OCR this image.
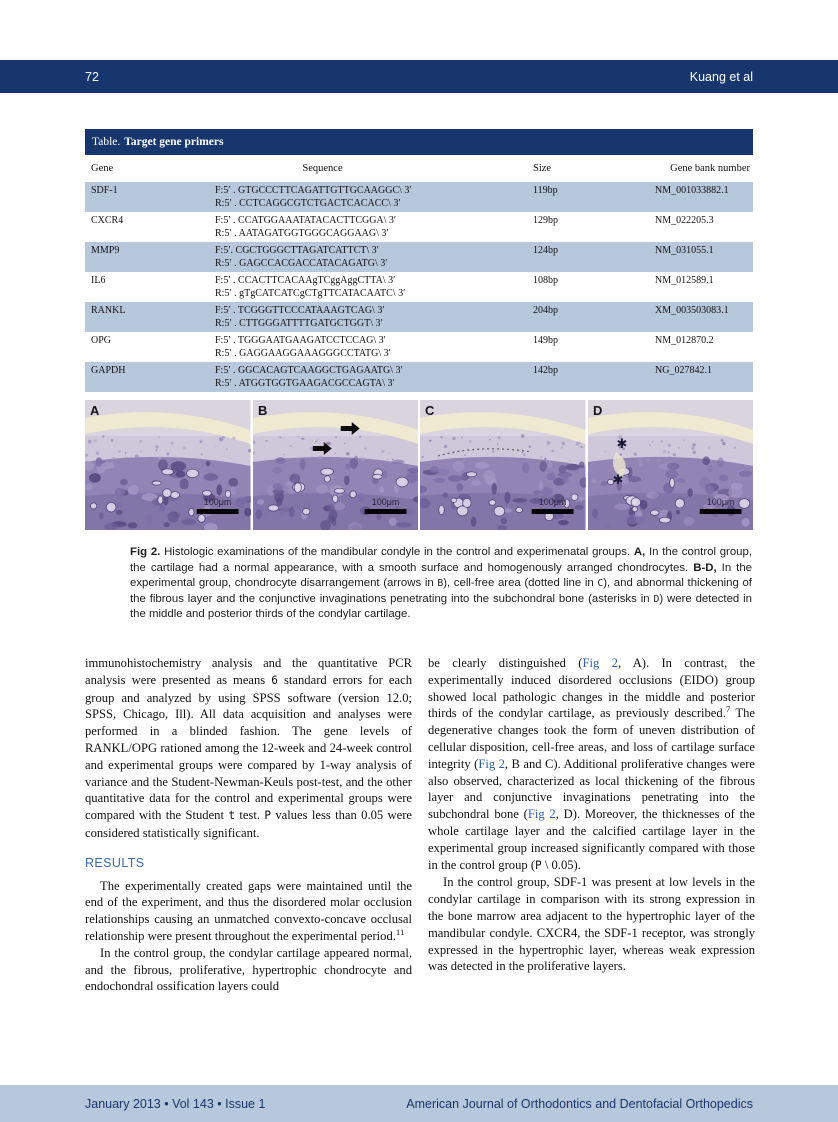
72	Kuang et al
Table. Target gene primers
Gene	Sequence	Size	Gene bank number
SDF-1	F:5′ . GTGCCCTTCAGATTGTTGCAAGGC\ 3′
R:5′ . CCTCAGGCGTCTGACTCACACC\ 3′
119bp	NM_001033882.1
CXCR4	F:5′ . CCATGGAAATATACACTTCGGA\ 3′
R:5′ . AATAGATGGTGGGCAGGAAG\ 3′
129bp	NM_022205.3
MMP9	F:5′. CGCTGGGCTTAGATCATTCT\ 3′
R:5′ . GAGCCACGACCATACAGATG\ 3′
124bp	NM_031055.1
IL6	F:5′ . CCACTTCACAAgTCggAggCTTA\ 3′
R:5′ . gTgCATCATCgCTgTTCATACAATC\ 3′
108bp	NM_012589.1
RANKL	F:5′ . TCGGGTTCCCATAAAGTCAG\ 3′
R:5′ . CTTGGGATTTTGATGCTGGT\ 3′
204bp	XM_003503083.1
OPG	F:5′ . TGGGAATGAAGATCCTCCAG\ 3′
R:5′ . GAGGAAGGAAAGGGCCTATG\ 3′
149bp	NM_012870.2
GAPDH	F:5′ . GGCACAGTCAAGGCTGAGAATG\ 3′
R:5′ . ATGGTGGTGAAGACGCCAGTA\ 3′
142bp	NG_027842.1
100μm
A
100μm
B
100μm
C
✱
✱
100μm
D
Fig 2. Histologic examinations of the mandibular condyle in the control and experimenatal groups. A, In the control group, the cartilage had a normal appearance, with a smooth surface and homogenously arranged chondrocytes. B-D, In the experimental group, chondrocyte disarrangement (arrows in B), cell-free area (dotted line in C), and abnormal thickening of the fibrous layer and the conjunctive invaginations penetrating into the subchondral bone (asterisks in D) were detected in the middle and posterior thirds of the condylar cartilage.
immunohistochemistry analysis and the quantitative PCR analysis were presented as means 6 standard errors for each group and analyzed by using SPSS software (version 12.0; SPSS, Chicago, Ill). All data acquisition and analyses were performed in a blinded fashion. The gene levels of RANKL/OPG rationed among the 12-week and 24-week control and experimental groups were compared by 1-way analysis of variance and the Student-Newman-Keuls post-test, and the other quantitative data for the control and experimental groups were compared with the Student t test. P values less than 0.05 were considered statistically significant.
RESULTS
The experimentally created gaps were maintained until the end of the experiment, and thus the disordered molar occlusion relationships causing an unmatched convexto-concave occlusal relationship were present throughout the experimental period.$^{11}$
In the control group, the condylar cartilage appeared normal, and the fibrous, proliferative, hypertrophic chondrocyte and endochondral ossification layers could
be clearly distinguished (Fig 2, A). In contrast, the experimentally induced disordered occlusions (EIDO) group showed local pathologic changes in the middle and posterior thirds of the condylar cartilage, as previously described.$^7$ The degenerative changes took the form of uneven distribution of cellular disposition, cell-free areas, and loss of cartilage surface integrity (Fig 2, B and C). Additional proliferative changes were also observed, characterized as local thickening of the fibrous layer and conjunctive invaginations penetrating into the subchondral bone (Fig 2, D). Moreover, the thicknesses of the whole cartilage layer and the calcified cartilage layer in the experimental group increased significantly compared with those in the control group (P \ 0.05).
In the control group, SDF-1 was present at low levels in the condylar cartilage in comparison with its strong expression in the bone marrow area adjacent to the hypertrophic layer of the mandibular condyle. CXCR4, the SDF-1 receptor, was strongly expressed in the hypertrophic layer, whereas weak expression was detected in the proliferative layers.
January 2013 • Vol 143 • Issue 1	American Journal of Orthodontics and Dentofacial Orthopedics
